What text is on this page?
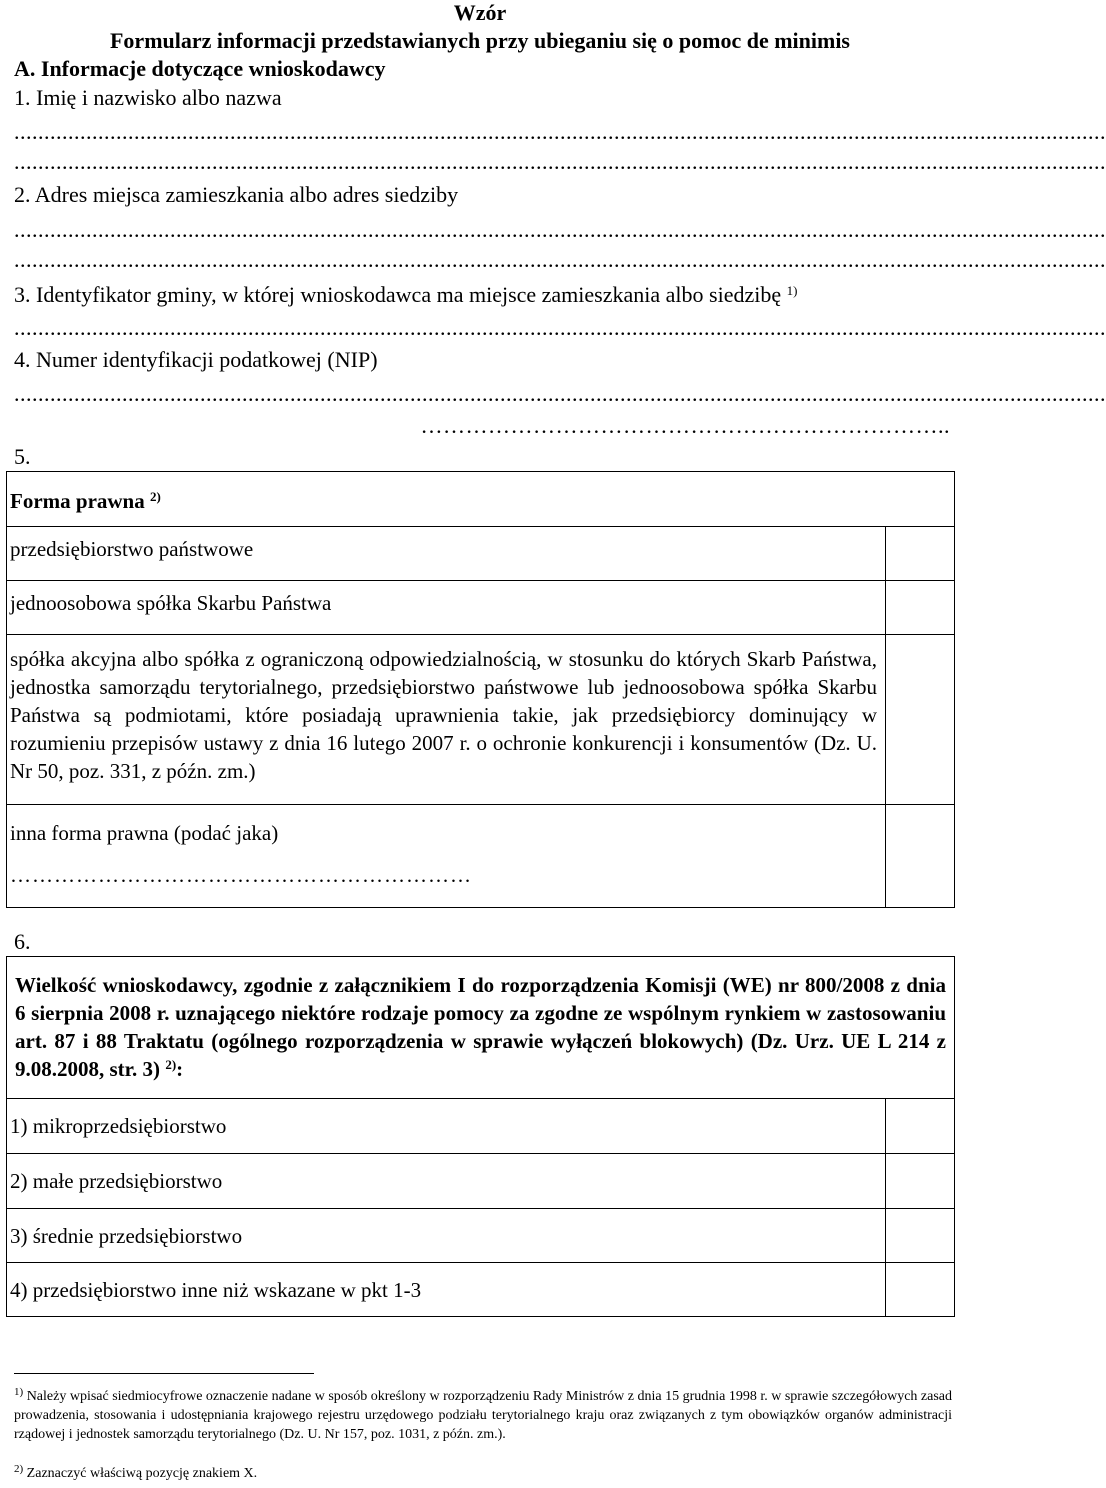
Wzór
Formularz informacji przedstawianych przy ubieganiu się o pomoc de minimis
A. Informacje dotyczące wnioskodawcy
1. Imię i nazwisko albo nazwa
......................................................................................................................................................................................
......................................................................................................................................................................................
2. Adres miejsca zamieszkania albo adres siedziby
......................................................................................................................................................................................
......................................................................................................................................................................................
3. Identyfikator gminy, w której wnioskodawca ma miejsce zamieszkania albo siedzibę $^{1)}$
......................................................................................................................................................................................
4. Numer identyfikacji podatkowej (NIP)
......................................................................................................................................................................................
……………………………………………………………..
5.
Forma prawna $^{2)}$

przedsiębiorstwo państwowe	

jednoosobowa spółka Skarbu Państwa	

spółka akcyjna albo spółka z ograniczoną odpowiedzialnością, w stosunku do których Skarb Państwa, jednostka samorządu terytorialnego, przedsiębiorstwo państwowe lub jednoosobowa spółka Skarbu Państwa są podmiotami, które posiadają uprawnienia takie, jak przedsiębiorcy dominujący w rozumieniu przepisów ustawy z dnia 16 lutego 2007 r. o ochronie konkurencji i konsumentów (Dz. U. Nr 50, poz. 331, z późn. zm.)	

inna forma prawna (podać jaka)
………………………………………………………	

6.
Wielkość wnioskodawcy, zgodnie z załącznikiem I do rozporządzenia Komisji (WE) nr 800/2008 z dnia 6 sierpnia 2008 r. uznającego niektóre rodzaje pomocy za zgodne ze wspólnym rynkiem w zastosowaniu art. 87 i 88 Traktatu (ogólnego rozporządzenia w sprawie wyłączeń blokowych) (Dz. Urz. UE L 214 z 9.08.2008, str. 3) $^{2)}$:	

1) mikroprzedsiębiorstwo	

2) małe przedsiębiorstwo	

3) średnie przedsiębiorstwo	

4) przedsiębiorstwo inne niż wskazane w pkt 1-3	

$^{1)}$ Należy wpisać siedmiocyfrowe oznaczenie nadane w sposób określony w rozporządzeniu Rady Ministrów z dnia 15 grudnia 1998 r. w sprawie szczegółowych zasad prowadzenia, stosowania i udostępniania krajowego rejestru urzędowego podziału terytorialnego kraju oraz związanych z tym obowiązków organów administracji rządowej i jednostek samorządu terytorialnego (Dz. U. Nr 157, poz. 1031, z późn. zm.).
$^{2)}$ Zaznaczyć właściwą pozycję znakiem X.
